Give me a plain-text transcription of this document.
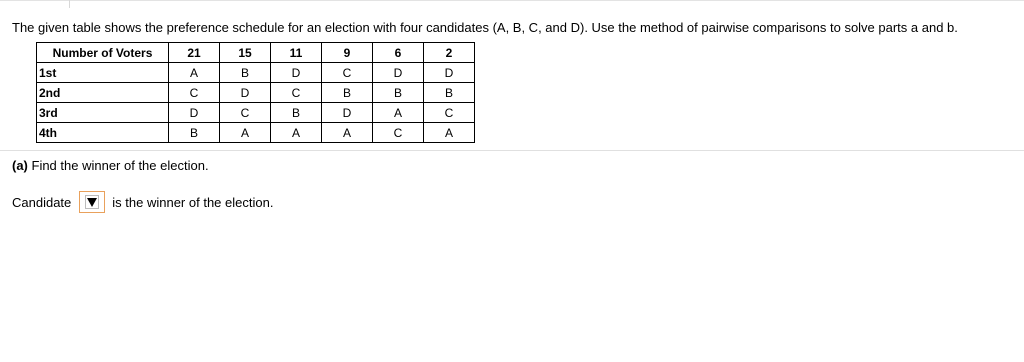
The given table shows the preference schedule for an election with four candidates (A, B, C, and D). Use the method of pairwise comparisons to solve parts a and b.
Number of Voters	21	15	11	9	6	2
1st	A	B	D	C	D	D
2nd	C	D	C	B	B	B
3rd	D	C	B	D	A	C
4th	B	A	A	A	C	A
(a) Find the winner of the election.
Candidate	is the winner of the election.
